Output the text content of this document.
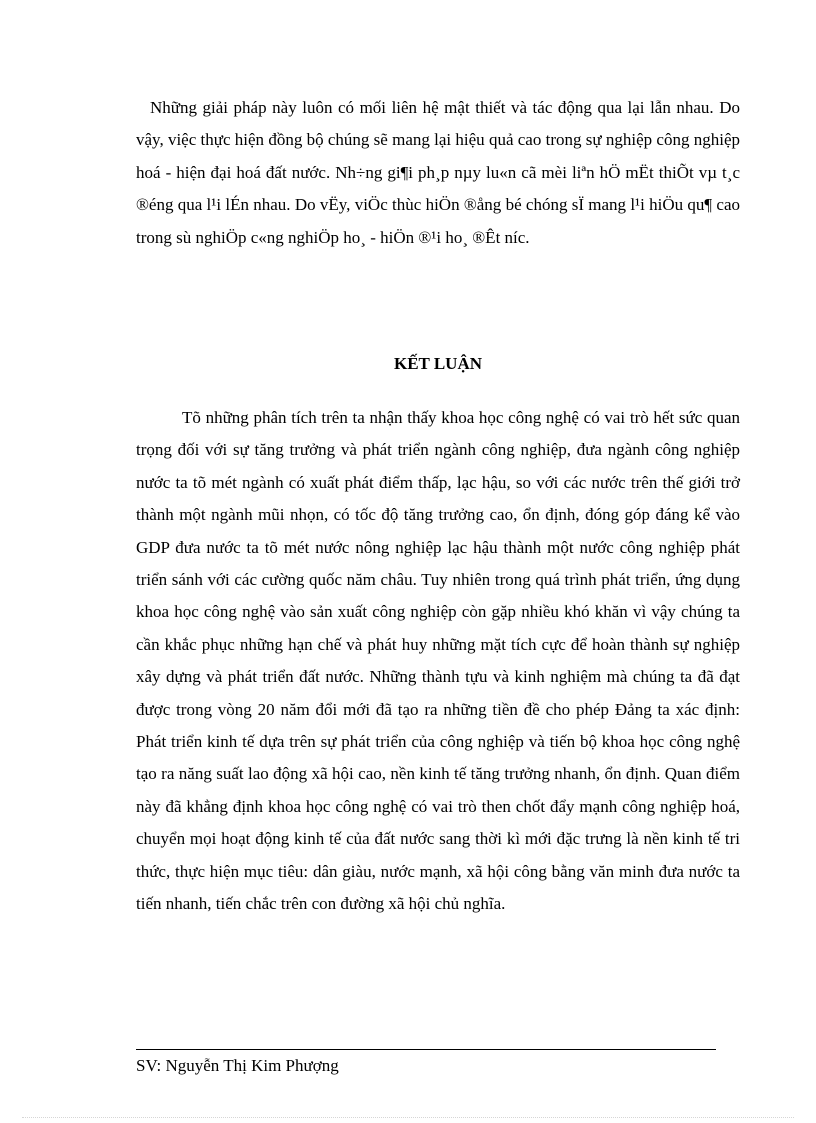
Những giải pháp này luôn có mối liên hệ mật thiết và tác động qua lại lẫn nhau. Do vậy, việc thực hiện đồng bộ chúng sẽ mang lại hiệu quả cao trong sự nghiệp công nghiệp hoá - hiện đại hoá đất nước. Nh÷ng gi¶i ph¸p nµy lu«n cã mèi liªn hÖ mËt thiÕt vµ t¸c ®éng qua l¹i lÉn nhau. Do vËy, viÖc thùc hiÖn ®ång bé chóng sÏ mang l¹i hiÖu qu¶ cao trong sù nghiÖp c«ng nghiÖp ho¸ - hiÖn ®¹i ho¸ ®Êt níc.

KẾT LUẬN

Tõ những phân tích trên ta nhận thấy khoa học công nghệ có vai trò hết sức quan trọng đối với sự tăng trưởng và phát triển ngành công nghiệp, đưa ngành công nghiệp nước ta tõ mét ngành có xuất phát điểm thấp, lạc hậu, so với các nước trên thế giới trở thành một ngành mũi nhọn, có tốc độ tăng trưởng cao, ổn định, đóng góp đáng kể vào GDP đưa nước ta tõ mét nước nông nghiệp lạc hậu thành một nước công nghiệp phát triển sánh với các cường quốc năm châu. Tuy nhiên trong quá trình phát triển, ứng dụng khoa học công nghệ vào sản xuất công nghiệp còn gặp nhiều khó khăn vì vậy chúng ta cần khắc phục những hạn chế và phát huy những mặt tích cực để hoàn thành sự nghiệp xây dựng và phát triển đất nước. Những thành tựu và kinh nghiệm mà chúng ta đã đạt được trong vòng 20 năm đổi mới đã tạo ra những tiền đề cho phép Đảng ta xác định: Phát triển kinh tế dựa trên sự phát triển của công nghiệp và tiến bộ khoa học công nghệ tạo ra năng suất lao động xã hội cao, nền kinh tế tăng trưởng nhanh, ổn định. Quan điểm này đã khẳng định khoa học công nghệ có vai trò then chốt đẩy mạnh công nghiệp hoá, chuyển mọi hoạt động kinh tế của đất nước sang thời kì mới đặc trưng là nền kinh tế tri thức, thực hiện mục tiêu: dân giàu, nước mạnh, xã hội công bằng văn minh đưa nước ta tiến nhanh, tiến chắc trên con đường xã hội chủ nghĩa.

SV: Nguyễn Thị Kim Phượng
